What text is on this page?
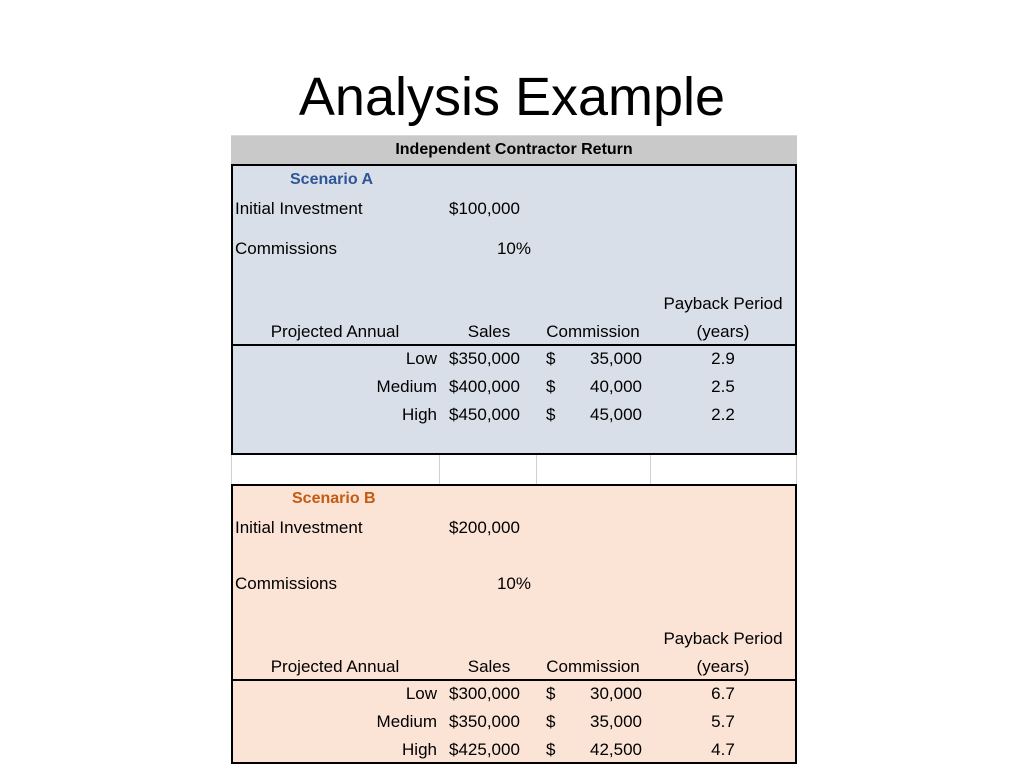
Analysis Example
Independent Contractor Return
Scenario A
Initial Investment	$100,000
Commissions	10%
Payback Period
Projected Annual	Sales	Commission	(years)
Low $350,000 $	35,000	2.9
Medium $400,000 $	40,000	2.5
High $450,000 $	45,000	2.2
Scenario B
Initial Investment	$200,000
Commissions	10%
Payback Period
Projected Annual	Sales	Commission	(years)
Low $300,000 $	30,000	6.7
Medium $350,000 $	35,000	5.7
High $425,000 $	42,500	4.7
